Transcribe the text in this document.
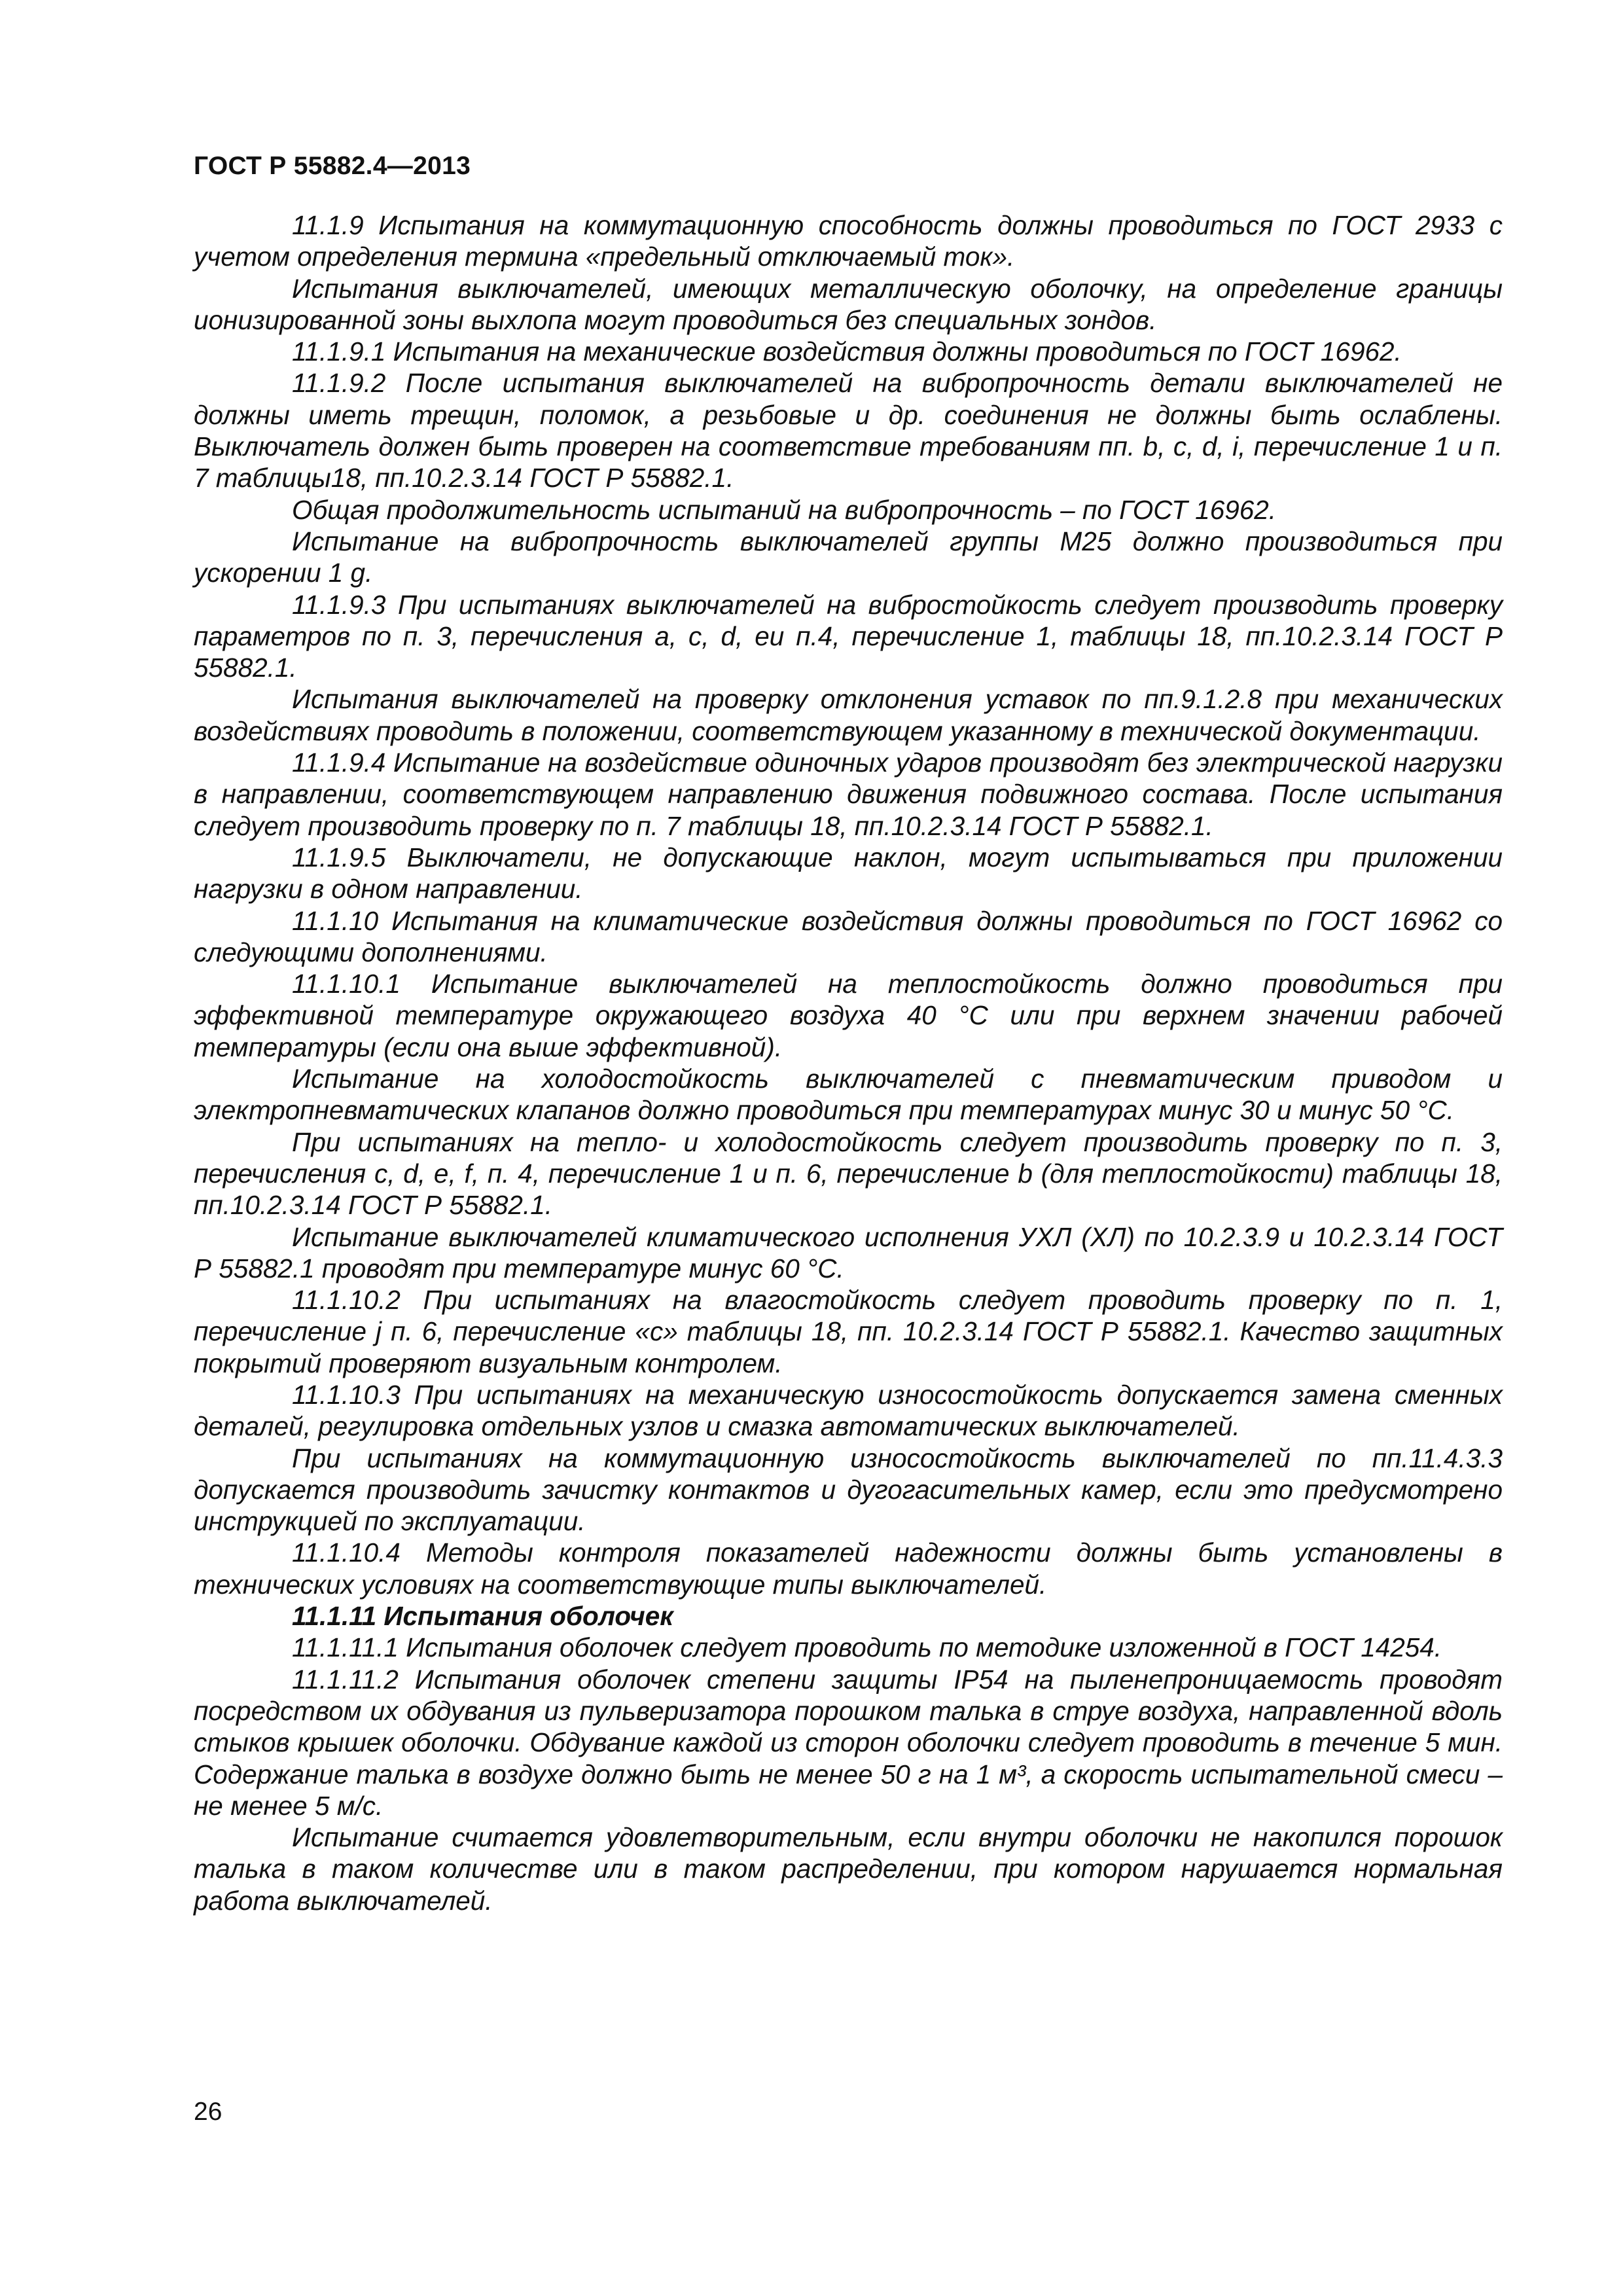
ГОСТ Р 55882.4—2013

11.1.9 Испытания на коммутационную способность должны проводиться по ГОСТ 2933 с учетом определения термина «предельный отключаемый ток».

Испытания выключателей, имеющих металлическую оболочку, на определение границы ионизированной зоны выхлопа могут проводиться без специальных зондов.

11.1.9.1 Испытания на механические воздействия должны проводиться по ГОСТ 16962.

11.1.9.2 После испытания выключателей на вибропрочность детали выключателей не должны иметь трещин, поломок, а резьбовые и др. соединения не должны быть ослаблены. Выключатель должен быть проверен на соответствие требованиям пп. b, с, d, i, перечисление 1 и п. 7 таблицы18, пп.10.2.3.14 ГОСТ Р 55882.1.

Общая продолжительность испытаний на вибропрочность – по ГОСТ 16962.

Испытание на вибропрочность выключателей группы М25 должно производиться при ускорении 1 g.

11.1.9.3 При испытаниях выключателей на вибростойкость следует производить проверку параметров по п. 3, перечисления а, с, d, еи п.4, перечисление 1, таблицы 18, пп.10.2.3.14 ГОСТ Р 55882.1.

Испытания выключателей на проверку отклонения уставок по пп.9.1.2.8 при механических воздействиях проводить в положении, соответствующем указанному в технической документации.

11.1.9.4 Испытание на воздействие одиночных ударов производят без электрической нагрузки в направлении, соответствующем направлению движения подвижного состава. После испытания следует производить проверку по п. 7 таблицы 18, пп.10.2.3.14 ГОСТ Р 55882.1.

11.1.9.5 Выключатели, не допускающие наклон, могут испытываться при приложении нагрузки в одном направлении.

11.1.10 Испытания на климатические воздействия должны проводиться по ГОСТ 16962 со следующими дополнениями.

11.1.10.1 Испытание выключателей на теплостойкость должно проводиться при эффективной температуре окружающего воздуха 40 °С или при верхнем значении рабочей температуры (если она выше эффективной).

Испытание на холодостойкость выключателей с пневматическим приводом и электропневматических клапанов должно проводиться при температурах минус 30 и минус 50 °С.

При испытаниях на тепло- и холодостойкость следует производить проверку по п. 3, перечисления с, d, е, f, п. 4, перечисление 1 и п. 6, перечисление b (для теплостойкости) таблицы 18, пп.10.2.3.14 ГОСТ Р 55882.1.

Испытание выключателей климатического исполнения УХЛ (ХЛ) по 10.2.3.9 и 10.2.3.14 ГОСТ Р 55882.1 проводят при температуре минус 60 °С.

11.1.10.2 При испытаниях на влагостойкость следует проводить проверку по п. 1, перечисление j п. 6, перечисление «с» таблицы 18, пп. 10.2.3.14 ГОСТ Р 55882.1. Качество защитных покрытий проверяют визуальным контролем.

11.1.10.3 При испытаниях на механическую износостойкость допускается замена сменных деталей, регулировка отдельных узлов и смазка автоматических выключателей.

При испытаниях на коммутационную износостойкость выключателей по пп.11.4.3.3 допускается производить зачистку контактов и дугогасительных камер, если это предусмотрено инструкцией по эксплуатации.

11.1.10.4 Методы контроля показателей надежности должны быть установлены в технических условиях на соответствующие типы выключателей.

11.1.11 Испытания оболочек

11.1.11.1 Испытания оболочек следует проводить по методике изложенной в ГОСТ 14254.

11.1.11.2 Испытания оболочек степени защиты IP54 на пыленепроницаемость проводят посредством их обдувания из пульверизатора порошком талька в струе воздуха, направленной вдоль стыков крышек оболочки. Обдувание каждой из сторон оболочки следует проводить в течение 5 мин. Содержание талька в воздухе должно быть не менее 50 г на 1 м³, а скорость испытательной смеси – не менее 5 м/с.

Испытание считается удовлетворительным, если внутри оболочки не накопился порошок талька в таком количестве или в таком распределении, при котором нарушается нормальная работа выключателей.

26
